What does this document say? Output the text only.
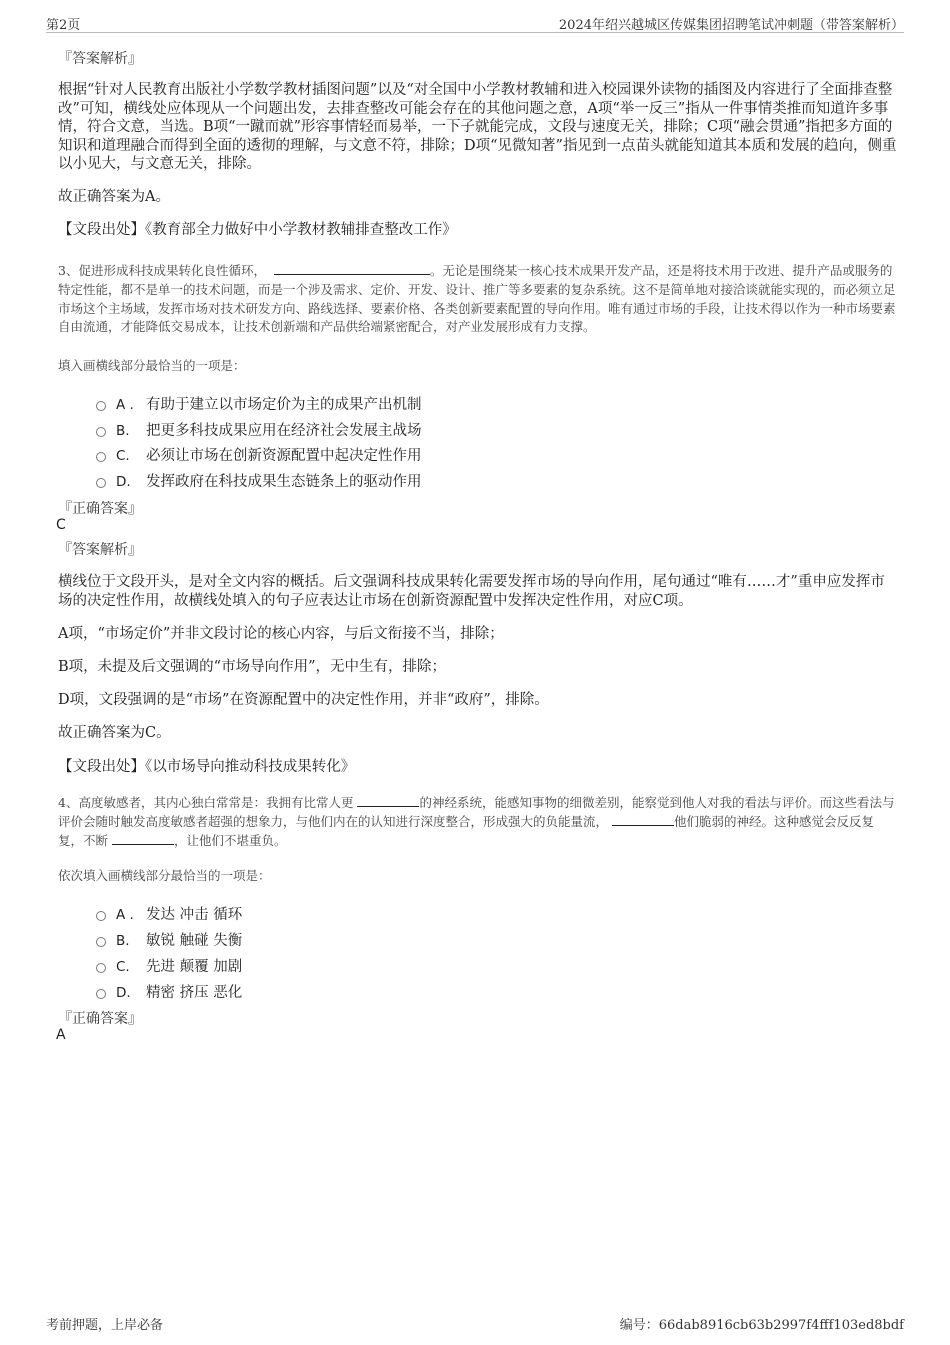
第2页	2024年绍兴越城区传媒集团招聘笔试冲刺题（带答案解析）
『答案解析』
根据“针对人民教育出版社小学数学教材插图问题”以及“对全国中小学教材教辅和进入校园课外读物的插图及内容进行了全面排查整改”可知，横线处应体现从一个问题出发，去排查整改可能会存在的其他问题之意，A项“举一反三”指从一件事情类推而知道许多事情，符合文意，当选。B项“一蹴而就”形容事情轻而易举，一下子就能完成，文段与速度无关，排除；C项“融会贯通”指把多方面的知识和道理融合而得到全面的透彻的理解，与文意不符，排除；D项“见微知著”指见到一点苗头就能知道其本质和发展的趋向，侧重以小见大，与文意无关，排除。
故正确答案为A。
【文段出处】《教育部全力做好中小学教材教辅排查整改工作》
3、促进形成科技成果转化良性循环，	。无论是围绕某一核心技术成果开发产品，还是将技术用于改进、提升产品或服务的特定性能，都不是单一的技术问题，而是一个涉及需求、定价、开发、设计、推广等多要素的复杂系统。这不是简单地对接洽谈就能实现的，而必须立足市场这个主场域，发挥市场对技术研发方向、路线选择、要素价格、各类创新要素配置的导向作用。唯有通过市场的手段，让技术得以作为一种市场要素自由流通，才能降低交易成本，让技术创新端和产品供给端紧密配合，对产业发展形成有力支撑。
填入画横线部分最恰当的一项是：
A . 有助于建立以市场定价为主的成果产出机制
B. 把更多科技成果应用在经济社会发展主战场
C. 必须让市场在创新资源配置中起决定性作用
D. 发挥政府在科技成果生态链条上的驱动作用
『正确答案』
C
『答案解析』
横线位于文段开头，是对全文内容的概括。后文强调科技成果转化需要发挥市场的导向作用，尾句通过“唯有……才”重申应发挥市场的决定性作用，故横线处填入的句子应表达让市场在创新资源配置中发挥决定性作用，对应C项。
A项，“市场定价”并非文段讨论的核心内容，与后文衔接不当，排除；
B项，未提及后文强调的“市场导向作用”，无中生有，排除；
D项，文段强调的是“市场”在资源配置中的决定性作用，并非“政府”，排除。
故正确答案为C。
【文段出处】《以市场导向推动科技成果转化》
4、高度敏感者，其内心独白常常是：我拥有比常人更	的神经系统，能感知事物的细微差别，能察觉到他人对我的看法与评价。而这些看法与评价会随时触发高度敏感者超强的想象力，与他们内在的认知进行深度整合，形成强大的负能量流，	他们脆弱的神经。这种感觉会反反复复，不断	，让他们不堪重负。
依次填入画横线部分最恰当的一项是：
A . 发达 冲击 循环
B. 敏锐 触碰 失衡
C. 先进 颠覆 加剧
D. 精密 挤压 恶化
『正确答案』
A
考前押题，上岸必备	编号：66dab8916cb63b2997f4fff103ed8bdf
